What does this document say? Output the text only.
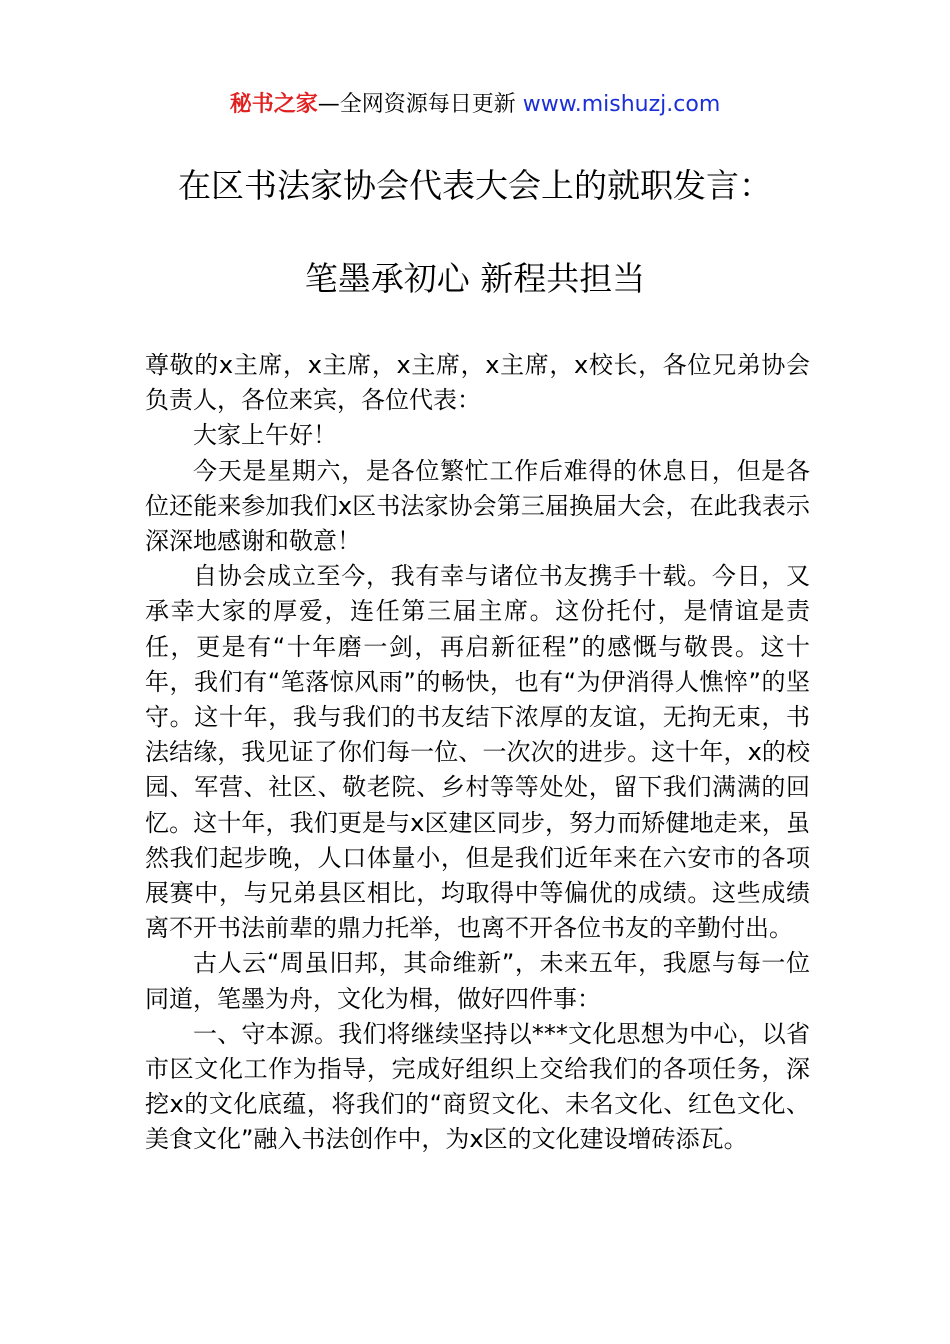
秘书之家—全网资源每日更新 www.mishuzj.com
在区书法家协会代表大会上的就职发言：
笔墨承初心 新程共担当

尊敬的x主席，x主席，x主席，x主席，x校长，各位兄弟协会负责人，各位来宾，各位代表：

大家上午好！

今天是星期六，是各位繁忙工作后难得的休息日，但是各位还能来参加我们x区书法家协会第三届换届大会，在此我表示深深地感谢和敬意！

自协会成立至今，我有幸与诸位书友携手十载。今日，又承幸大家的厚爱，连任第三届主席。这份托付，是情谊是责任，更是有“十年磨一剑，再启新征程”的感慨与敬畏。这十年，我们有“笔落惊风雨”的畅快，也有“为伊消得人憔悴”的坚守。这十年，我与我们的书友结下浓厚的友谊，无拘无束，书法结缘，我见证了你们每一位、一次次的进步。这十年，x的校园、军营、社区、敬老院、乡村等等处处，留下我们满满的回忆。这十年，我们更是与x区建区同步，努力而矫健地走来，虽然我们起步晚，人口体量小，但是我们近年来在六安市的各项展赛中，与兄弟县区相比，均取得中等偏优的成绩。这些成绩离不开书法前辈的鼎力托举，也离不开各位书友的辛勤付出。

古人云“周虽旧邦，其命维新”，未来五年，我愿与每一位同道，笔墨为舟，文化为楫，做好四件事：

一、守本源。我们将继续坚持以***文化思想为中心，以省市区文化工作为指导，完成好组织上交给我们的各项任务，深挖x的文化底蕴，将我们的“商贸文化、未名文化、红色文化、美食文化”融入书法创作中，为x区的文化建设增砖添瓦。
